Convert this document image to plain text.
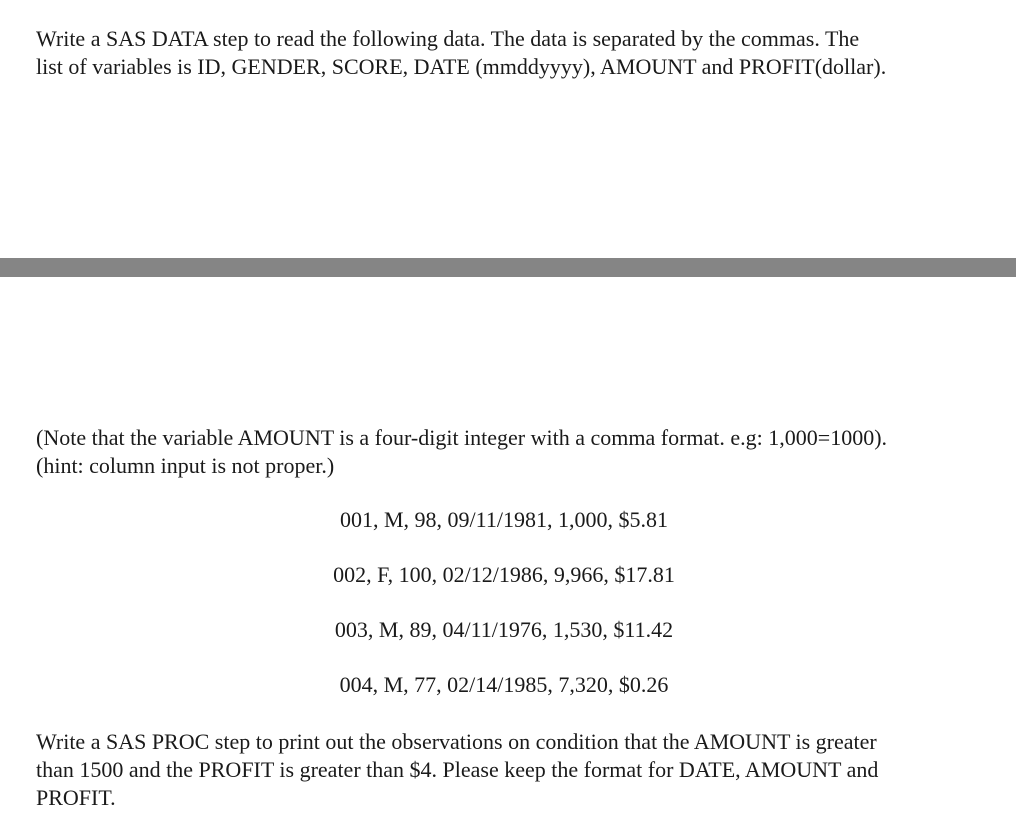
Write a SAS DATA step to read the following data. The data is separated by the commas. The
list of variables is ID, GENDER, SCORE, DATE (mmddyyyy), AMOUNT and PROFIT(dollar).

(Note that the variable AMOUNT is a four-digit integer with a comma format. e.g: 1,000=1000).
(hint: column input is not proper.)

001, M, 98, 09/11/1981, 1,000, $5.81
002, F, 100, 02/12/1986, 9,966, $17.81
003, M, 89, 04/11/1976, 1,530, $11.42
004, M, 77, 02/14/1985, 7,320, $0.26

Write a SAS PROC step to print out the observations on condition that the AMOUNT is greater
than 1500 and the PROFIT is greater than $4. Please keep the format for DATE, AMOUNT and
PROFIT.
